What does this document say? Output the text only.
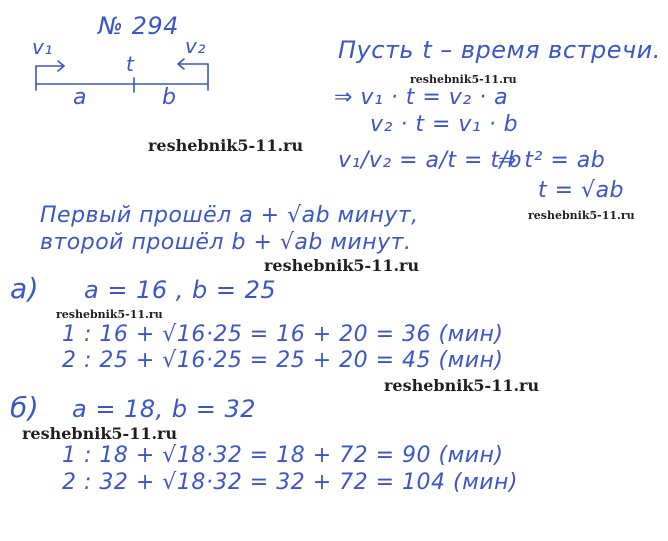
№ 294
v₁	v₂
t
a	b
Пусть t – время встречи.
⇒ v₁ · t = v₂ · a
v₂ · t = v₁ · b
v₁/v₂ = a/t = t/b
⇒ t² = ab
t = √ab
Первый прошёл a + √ab минут,
второй прошёл b + √ab минут.
а) a = 16 , b = 25
1 : 16 + √16·25 = 16 + 20 = 36 (мин)
2 : 25 + √16·25 = 25 + 20 = 45 (мин)
б) a = 18, b = 32
1 : 18 + √18·32 = 18 + 72 = 90 (мин)
2 : 32 + √18·32 = 32 + 72 = 104 (мин)
reshebnik5-11.ru
reshebnik5-11.ru
reshebnik5-11.ru
reshebnik5-11.ru
reshebnik5-11.ru
reshebnik5-11.ru
reshebnik5-11.ru
